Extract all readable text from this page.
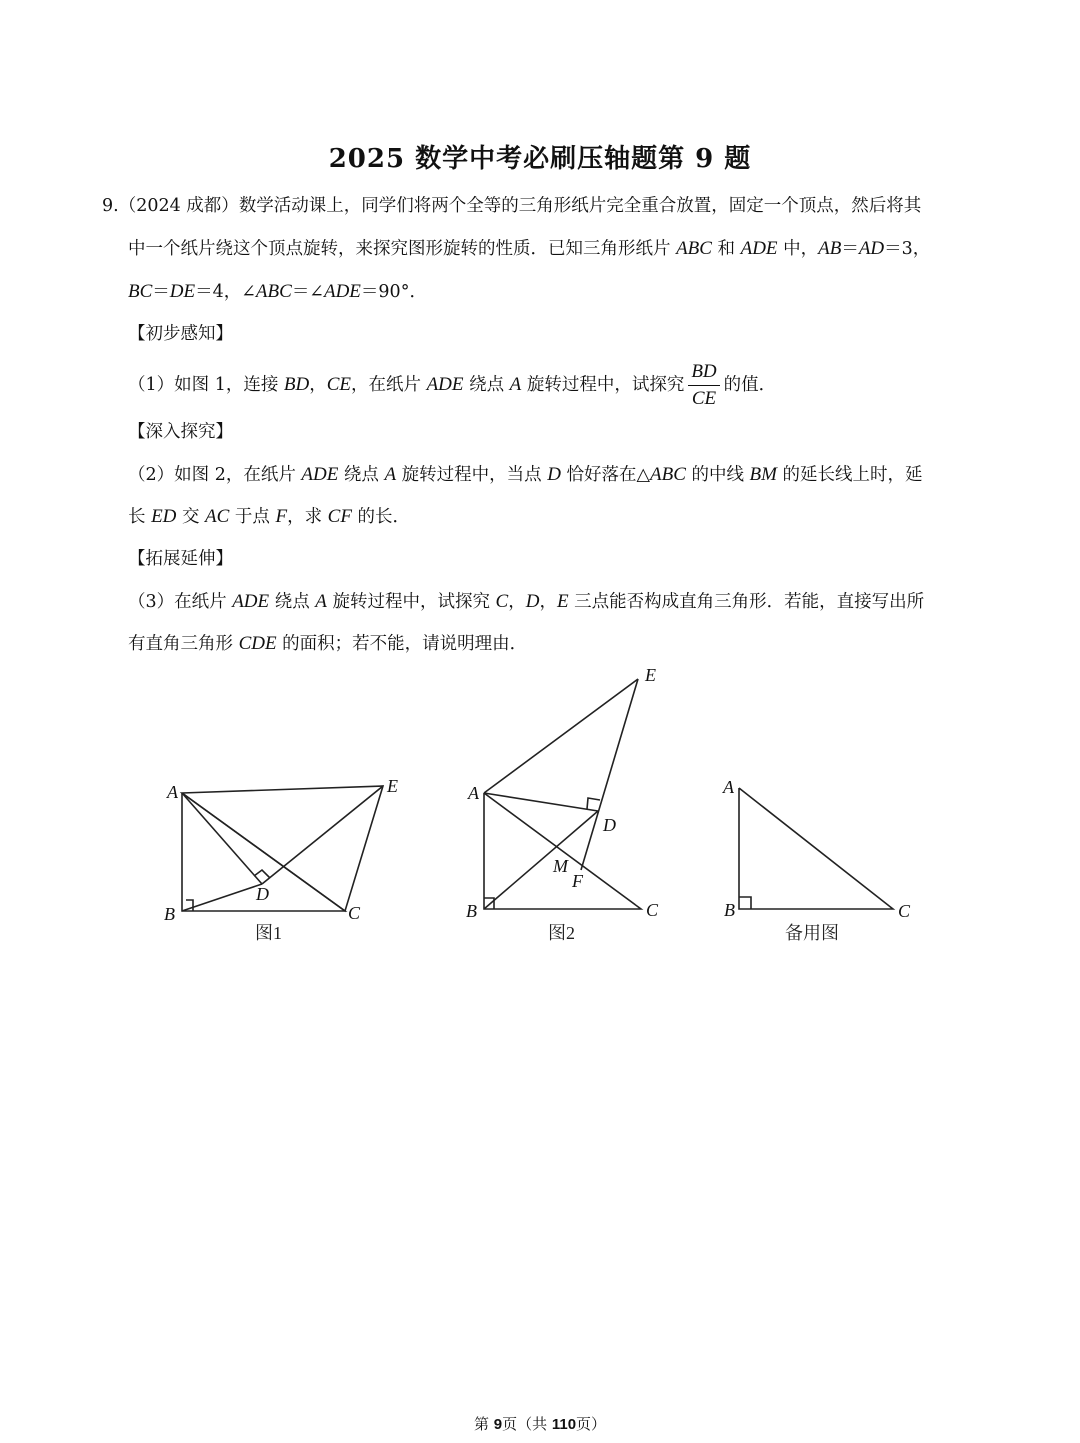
2025 数学中考必刷压轴题第 9 题
9.（2024 成都）数学活动课上，同学们将两个全等的三角形纸片完全重合放置，固定一个顶点，然后将其
中一个纸片绕这个顶点旋转，来探究图形旋转的性质．已知三角形纸片 ABC 和 ADE 中，AB＝AD＝3，
BC＝DE＝4，∠ABC＝∠ADE＝90°．
【初步感知】
（1）如图 1，连接 BD，CE，在纸片 ADE 绕点 A 旋转过程中，试探究 $\frac{BD}{CE}$ 的值．
【深入探究】
（2）如图 2，在纸片 ADE 绕点 A 旋转过程中，当点 D 恰好落在△ABC 的中线 BM 的延长线上时，延
长 ED 交 AC 于点 F，求 CF 的长．
【拓展延伸】
（3）在纸片 ADE 绕点 A 旋转过程中，试探究 C，D，E 三点能否构成直角三角形．若能，直接写出所
有直角三角形 CDE 的面积；若不能，请说明理由．
A
B	C
D
E	A
B	C
D
E
M
F
A
B	C
图1	图2	备用图
第 9页（共 110页）
